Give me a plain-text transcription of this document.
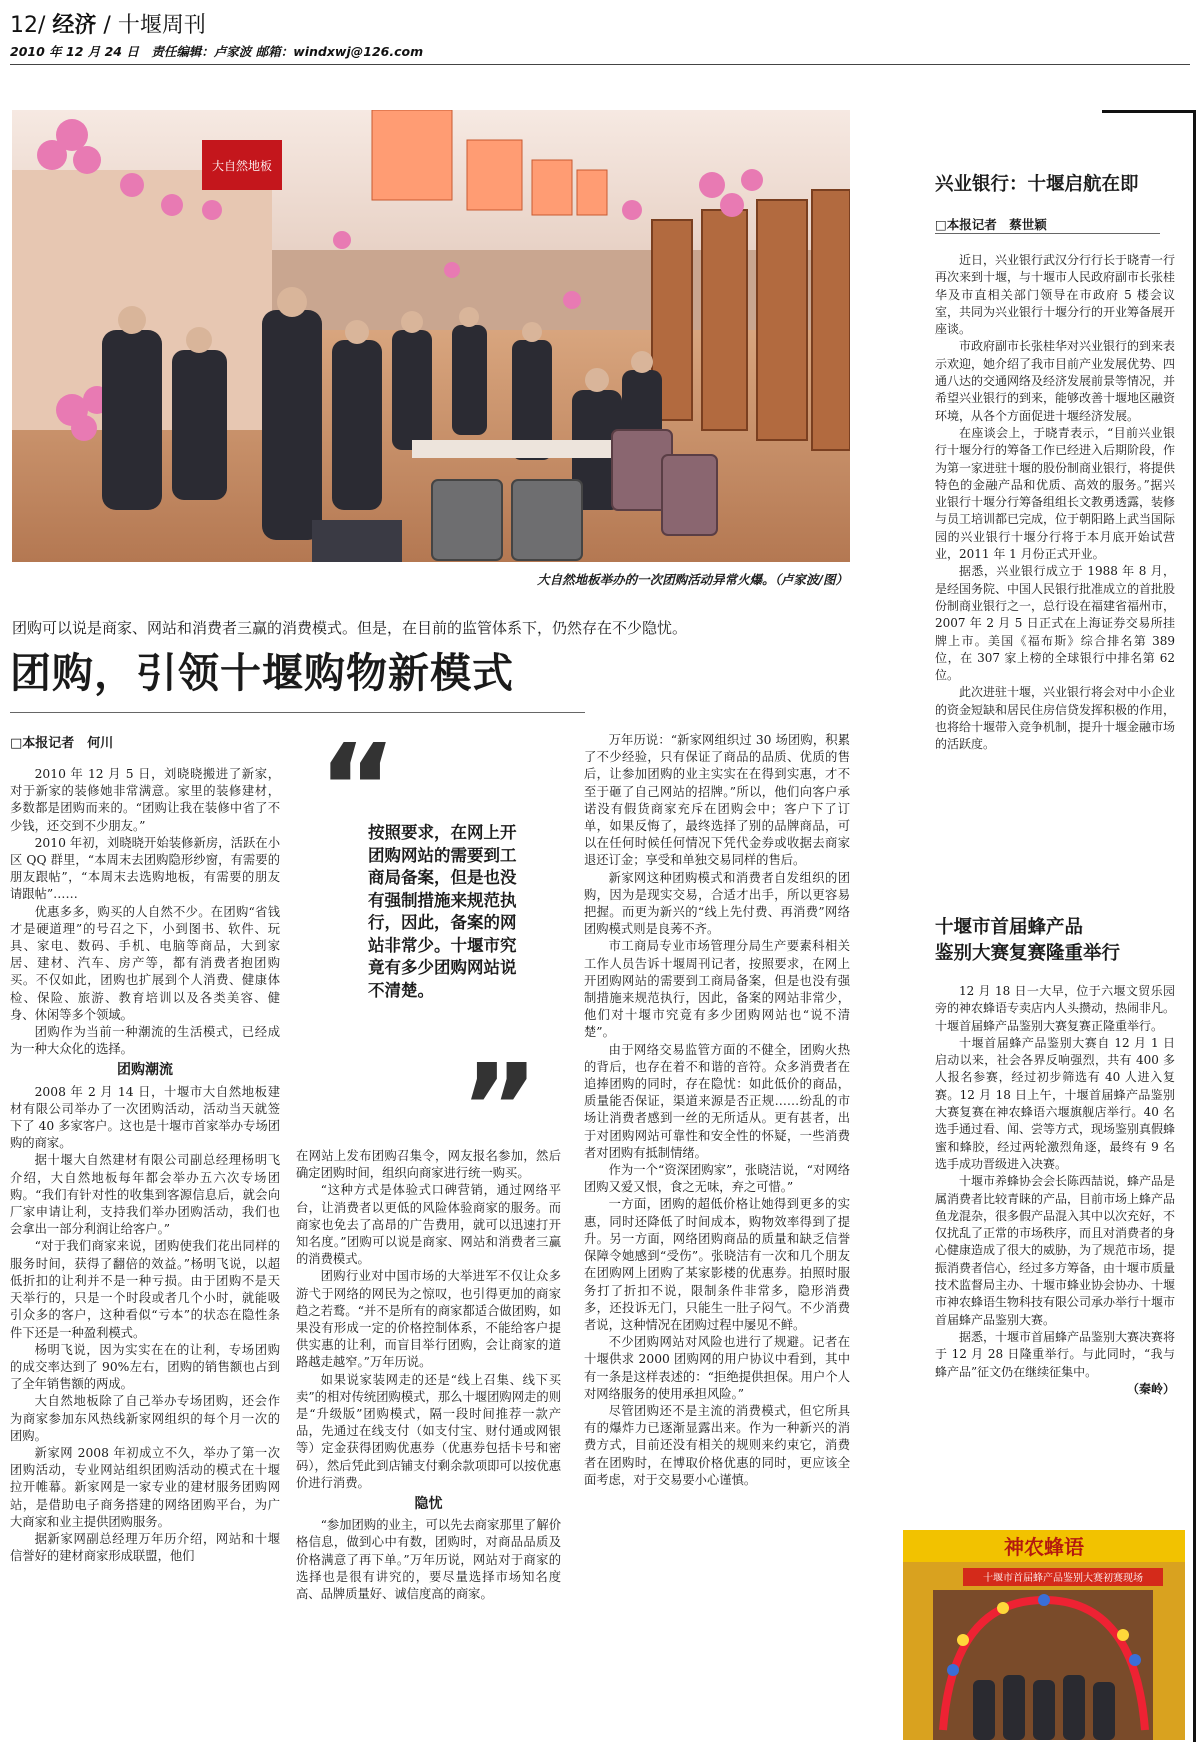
12/ 经济 / 十堰周刊
2010 年 12 月 24 日　责任编辑：卢家波 邮箱：windxwj@126.com
大自然地板
大自然地板举办的一次团购活动异常火爆。（卢家波/图）
团购可以说是商家、网站和消费者三赢的消费模式。但是，在目前的监管体系下，仍然存在不少隐忧。
团购，引领十堰购物新模式
□本报记者　何川

2010 年 12 月 5 日，刘晓晓搬进了新家，对于新家的装修她非常满意。家里的装修建材，多数都是团购而来的。“团购让我在装修中省了不少钱，还交到不少朋友。”

2010 年初，刘晓晓开始装修新房，活跃在小区 QQ 群里，“本周末去团购隐形纱窗，有需要的朋友跟帖”，“本周末去选购地板，有需要的朋友请跟帖”……

优惠多多，购买的人自然不少。在团购“省钱才是硬道理”的号召之下，小到图书、软件、玩具、家电、数码、手机、电脑等商品，大到家居、建材、汽车、房产等，都有消费者抱团购买。不仅如此，团购也扩展到个人消费、健康体检、保险、旅游、教育培训以及各类美容、健身、休闲等多个领域。

团购作为当前一种潮流的生活模式，已经成为一种大众化的选择。

团购潮流

2008 年 2 月 14 日，十堰市大自然地板建材有限公司举办了一次团购活动，活动当天就签下了 40 多家客户。这也是十堰市首家举办专场团购的商家。

据十堰大自然建材有限公司副总经理杨明飞介绍，大自然地板每年都会举办五六次专场团购。“我们有针对性的收集到客源信息后，就会向厂家申请让利，支持我们举办团购活动，我们也会拿出一部分利润让给客户。”

“对于我们商家来说，团购使我们花出同样的服务时间，获得了翻倍的效益。”杨明飞说，以超低折扣的让利并不是一种亏损。由于团购不是天天举行的，只是一个时段或者几个小时，就能吸引众多的客户，这种看似“亏本”的状态在隐性条件下还是一种盈利模式。

杨明飞说，因为实实在在的让利，专场团购的成交率达到了 90%左右，团购的销售额也占到了全年销售额的两成。

大自然地板除了自己举办专场团购，还会作为商家参加东风热线新家网组织的每个月一次的团购。

新家网 2008 年初成立不久，举办了第一次团购活动，专业网站组织团购活动的模式在十堰拉开帷幕。新家网是一家专业的建材服务团购网站，是借助电子商务搭建的网络团购平台，为广大商家和业主提供团购服务。

据新家网副总经理万年历介绍，网站和十堰信誉好的建材商家形成联盟，他们

“
按照要求，在网上开团购网站的需要到工商局备案，但是也没有强制措施来规范执行，因此，备案的网站非常少。十堰市究竟有多少团购网站说不清楚。
”

在网站上发布团购召集令，网友报名参加，然后确定团购时间，组织向商家进行统一购买。

“这种方式是体验式口碑营销，通过网络平台，让消费者以更低的风险体验商家的服务。而商家也免去了高昂的广告费用，就可以迅速打开知名度。”团购可以说是商家、网站和消费者三赢的消费模式。

团购行业对中国市场的大举进军不仅让众多游弋于网络的网民为之惊叹，也引得更加的商家趋之若鹜。“并不是所有的商家都适合做团购，如果没有形成一定的价格控制体系，不能给客户提供实惠的让利，而盲目举行团购，会让商家的道路越走越窄。”万年历说。

如果说家装网走的还是“线上召集、线下买卖”的相对传统团购模式，那么十堰团购网走的则是“升级版”团购模式，隔一段时间推荐一款产品，先通过在线支付（如支付宝、财付通或网银等）定金获得团购优惠券（优惠券包括卡号和密码），然后凭此到店铺支付剩余款项即可以按优惠价进行消费。

隐忧

“参加团购的业主，可以先去商家那里了解价格信息，做到心中有数，团购时，对商品品质及价格满意了再下单。”万年历说，网站对于商家的选择也是很有讲究的，要尽量选择市场知名度高、品牌质量好、诚信度高的商家。

万年历说：“新家网组织过 30 场团购，积累了不少经验，只有保证了商品的品质、优质的售后，让参加团购的业主实实在在得到实惠，才不至于砸了自己网站的招牌。”所以，他们向客户承诺没有假货商家充斥在团购会中；客户下了订单，如果反悔了，最终选择了别的品牌商品，可以在任何时候任何情况下凭代金券或收据去商家退还订金；享受和单独交易同样的售后。

新家网这种团购模式和消费者自发组织的团购，因为是现实交易，合适才出手，所以更容易把握。而更为新兴的“线上先付费、再消费”网络团购模式则是良莠不齐。

市工商局专业市场管理分局生产要素科相关工作人员告诉十堰周刊记者，按照要求，在网上开团购网站的需要到工商局备案，但是也没有强制措施来规范执行，因此，备案的网站非常少，他们对十堰市究竟有多少团购网站也“说不清楚”。

由于网络交易监管方面的不健全，团购火热的背后，也存在着不和谐的音符。众多消费者在追捧团购的同时，存在隐忧：如此低价的商品，质量能否保证，渠道来源是否正规……纷乱的市场让消费者感到一丝的无所适从。更有甚者，出于对团购网站可靠性和安全性的怀疑，一些消费者对团购有抵制情绪。

作为一个“资深团购家”，张晓洁说，“对网络团购又爱又恨，食之无味，弃之可惜。”

一方面，团购的超低价格让她得到更多的实惠，同时还降低了时间成本，购物效率得到了提升。另一方面，网络团购商品的质量和缺乏信誉保障令她感到“受伤”。张晓洁有一次和几个朋友在团购网上团购了某家影楼的优惠券。拍照时服务打了折扣不说，限制条件非常多，隐形消费多，还投诉无门，只能生一肚子闷气。不少消费者说，这种情况在团购过程中屡见不鲜。

不少团购网站对风险也进行了规避。记者在十堰供求 2000 团购网的用户协议中看到，其中有一条是这样表述的：“拒绝提供担保。用户个人对网络服务的使用承担风险。”

尽管团购还不是主流的消费模式，但它所具有的爆炸力已逐渐显露出来。作为一种新兴的消费方式，目前还没有相关的规则来约束它，消费者在团购时，在博取价格优惠的同时，更应该全面考虑，对于交易要小心谨慎。

兴业银行：十堰启航在即
□本报记者　蔡世颖

近日，兴业银行武汉分行行长于晓青一行再次来到十堰，与十堰市人民政府副市长张桂华及市直相关部门领导在市政府 5 楼会议室，共同为兴业银行十堰分行的开业筹备展开座谈。

市政府副市长张桂华对兴业银行的到来表示欢迎，她介绍了我市目前产业发展优势、四通八达的交通网络及经济发展前景等情况，并希望兴业银行的到来，能够改善十堰地区融资环境，从各个方面促进十堰经济发展。

在座谈会上，于晓青表示，“目前兴业银行十堰分行的筹备工作已经进入后期阶段，作为第一家进驻十堰的股份制商业银行，将提供特色的金融产品和优质、高效的服务。”据兴业银行十堰分行筹备组组长文教勇透露，装修与员工培训都已完成，位于朝阳路上武当国际园的兴业银行十堰分行将于本月底开始试营业，2011 年 1 月份正式开业。

据悉，兴业银行成立于 1988 年 8 月，是经国务院、中国人民银行批准成立的首批股份制商业银行之一，总行设在福建省福州市，2007 年 2 月 5 日正式在上海证券交易所挂牌上市。美国《福布斯》综合排名第 389 位，在 307 家上榜的全球银行中排名第 62 位。

此次进驻十堰，兴业银行将会对中小企业的资金短缺和居民住房信贷发挥积极的作用，也将给十堰带入竞争机制，提升十堰金融市场的活跃度。

十堰市首届蜂产品
鉴别大赛复赛隆重举行

12 月 18 日一大早，位于六堰文贸乐园旁的神农蜂语专卖店内人头攒动，热闹非凡。十堰首届蜂产品鉴别大赛复赛正隆重举行。

十堰首届蜂产品鉴别大赛自 12 月 1 日启动以来，社会各界反响强烈，共有 400 多人报名参赛，经过初步筛选有 40 人进入复赛。12 月 18 日上午，十堰首届蜂产品鉴别大赛复赛在神农蜂语六堰旗舰店举行。40 名选手通过看、闻、尝等方式，现场鉴别真假蜂蜜和蜂胶，经过两轮激烈角逐，最终有 9 名选手成功晋级进入决赛。

十堰市养蜂协会会长陈西喆说，蜂产品是属消费者比较青睐的产品，目前市场上蜂产品鱼龙混杂，很多假产品混入其中以次充好，不仅扰乱了正常的市场秩序，而且对消费者的身心健康造成了很大的威胁，为了规范市场，提振消费者信心，经过多方筹备，由十堰市质量技术监督局主办、十堰市蜂业协会协办、十堰市神农蜂语生物科技有限公司承办举行十堰市首届蜂产品鉴别大赛。

据悉，十堰市首届蜂产品鉴别大赛决赛将于 12 月 28 日隆重举行。与此同时，“我与蜂产品”征文仍在继续征集中。

（秦岭）
神农蜂语
十堰市首届蜂产品鉴别大赛初赛现场
